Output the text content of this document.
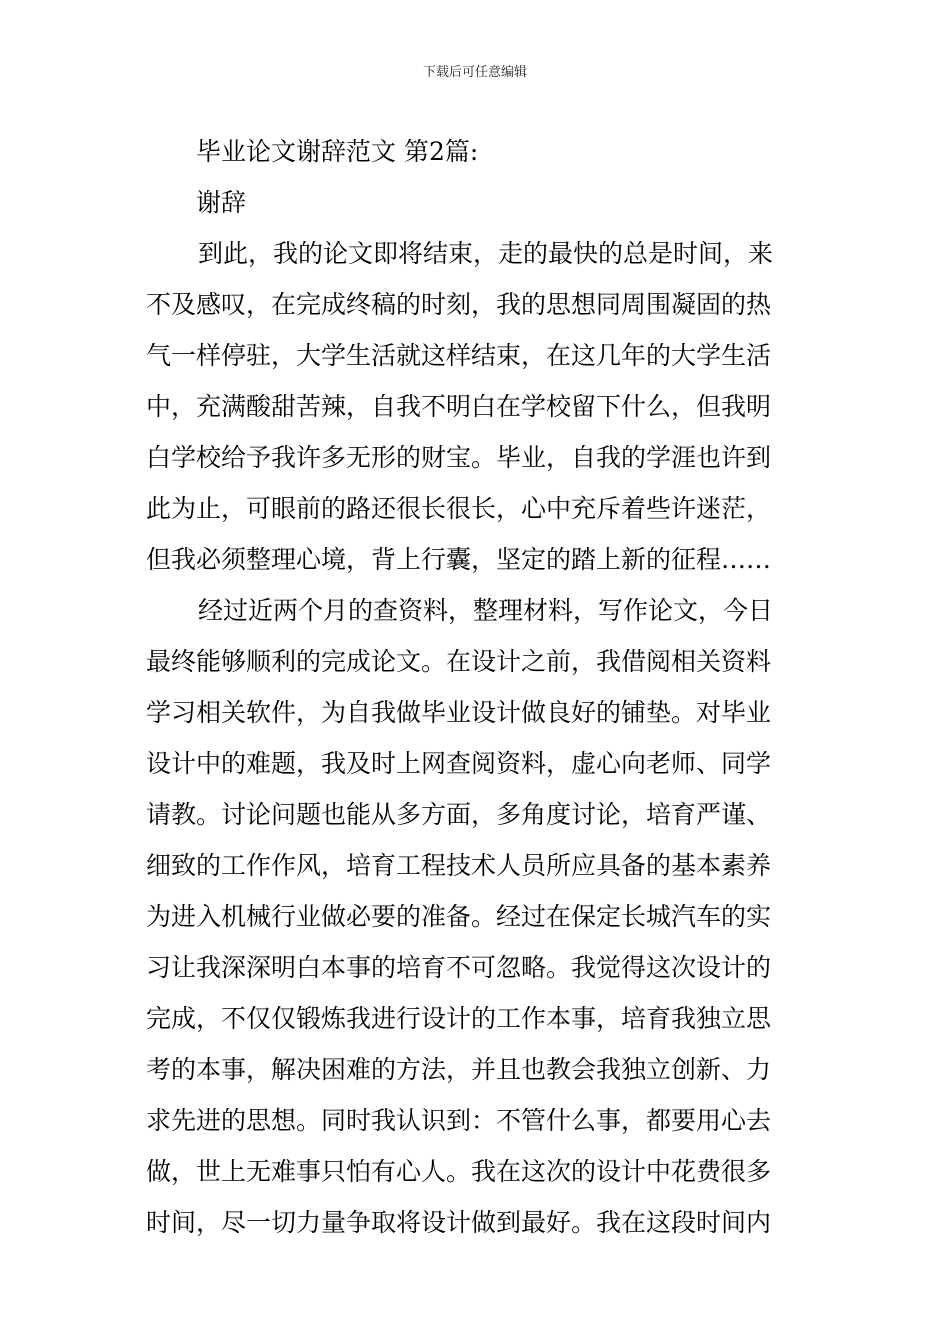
下载后可任意编辑
毕业论文谢辞范文 第2篇:
谢辞
到此，我的论文即将结束，走的最快的总是时间，来
不及感叹，在完成终稿的时刻，我的思想同周围凝固的热
气一样停驻，大学生活就这样结束，在这几年的大学生活
中，充满酸甜苦辣，自我不明白在学校留下什么，但我明
白学校给予我许多无形的财宝。毕业，自我的学涯也许到
此为止，可眼前的路还很长很长，心中充斥着些许迷茫，
但我必须整理心境，背上行囊，坚定的踏上新的征程……
经过近两个月的查资料，整理材料，写作论文，今日
最终能够顺利的完成论文。在设计之前，我借阅相关资料
学习相关软件，为自我做毕业设计做良好的铺垫。对毕业
设计中的难题，我及时上网查阅资料，虚心向老师、同学
请教。讨论问题也能从多方面，多角度讨论，培育严谨、
细致的工作作风，培育工程技术人员所应具备的基本素养
为进入机械行业做必要的准备。经过在保定长城汽车的实
习让我深深明白本事的培育不可忽略。我觉得这次设计的
完成，不仅仅锻炼我进行设计的工作本事，培育我独立思
考的本事，解决困难的方法，并且也教会我独立创新、力
求先进的思想。同时我认识到：不管什么事，都要用心去
做，世上无难事只怕有心人。我在这次的设计中花费很多
时间，尽一切力量争取将设计做到最好。我在这段时间内
